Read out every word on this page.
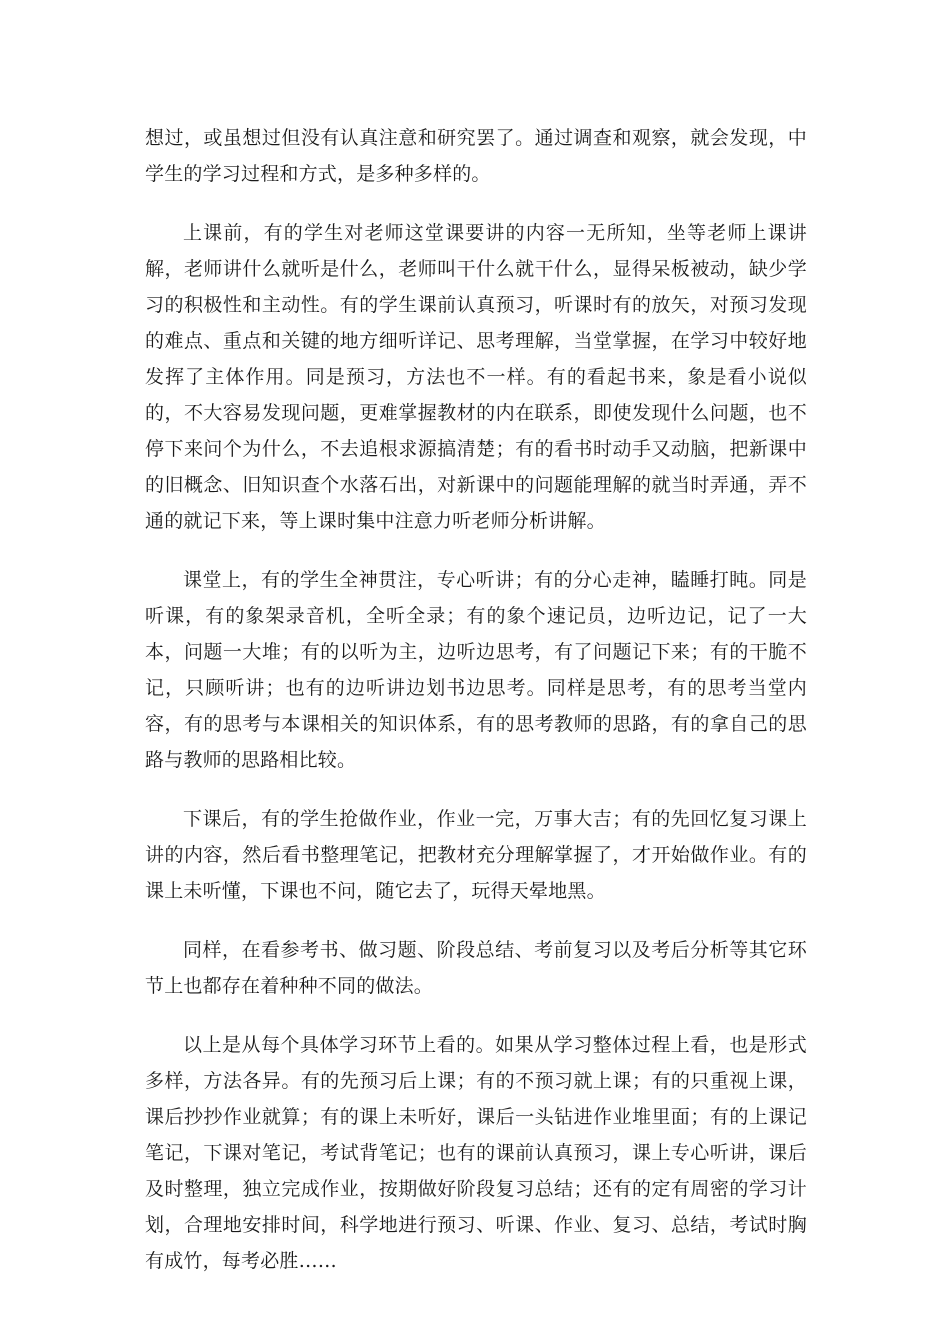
想过，或虽想过但没有认真注意和研究罢了。通过调查和观察，就会发现，中学生的学习过程和方式，是多种多样的。

上课前，有的学生对老师这堂课要讲的内容一无所知，坐等老师上课讲解，老师讲什么就听是什么，老师叫干什么就干什么，显得呆板被动，缺少学习的积极性和主动性。有的学生课前认真预习，听课时有的放矢，对预习发现的难点、重点和关键的地方细听详记、思考理解，当堂掌握，在学习中较好地发挥了主体作用。同是预习，方法也不一样。有的看起书来，象是看小说似的，不大容易发现问题，更难掌握教材的内在联系，即使发现什么问题，也不停下来问个为什么，不去追根求源搞清楚；有的看书时动手又动脑，把新课中的旧概念、旧知识查个水落石出，对新课中的问题能理解的就当时弄通，弄不通的就记下来，等上课时集中注意力听老师分析讲解。

课堂上，有的学生全神贯注，专心听讲；有的分心走神，瞌睡打盹。同是听课，有的象架录音机，全听全录；有的象个速记员，边听边记，记了一大本，问题一大堆；有的以听为主，边听边思考，有了问题记下来；有的干脆不记，只顾听讲；也有的边听讲边划书边思考。同样是思考，有的思考当堂内容，有的思考与本课相关的知识体系，有的思考教师的思路，有的拿自己的思路与教师的思路相比较。

下课后，有的学生抢做作业，作业一完，万事大吉；有的先回忆复习课上讲的内容，然后看书整理笔记，把教材充分理解掌握了，才开始做作业。有的课上未听懂，下课也不问，随它去了，玩得天晕地黑。

同样，在看参考书、做习题、阶段总结、考前复习以及考后分析等其它环节上也都存在着种种不同的做法。

以上是从每个具体学习环节上看的。如果从学习整体过程上看，也是形式多样，方法各异。有的先预习后上课；有的不预习就上课；有的只重视上课，课后抄抄作业就算；有的课上未听好，课后一头钻进作业堆里面；有的上课记笔记，下课对笔记，考试背笔记；也有的课前认真预习，课上专心听讲，课后及时整理，独立完成作业，按期做好阶段复习总结；还有的定有周密的学习计划，合理地安排时间，科学地进行预习、听课、作业、复习、总结，考试时胸有成竹，每考必胜……
